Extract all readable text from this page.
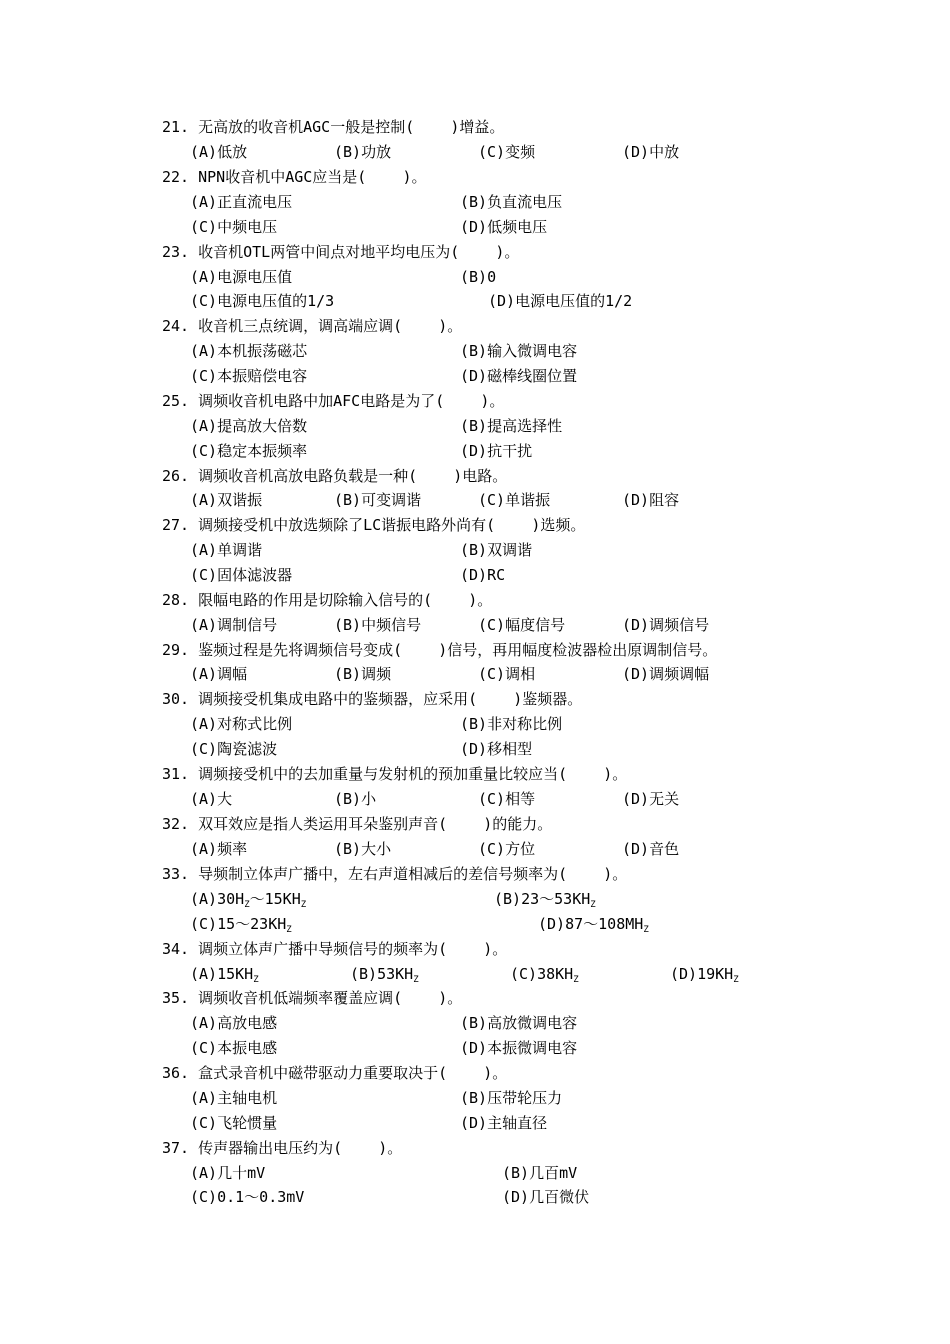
21. 无高放的收音机AGC一般是控制(    )增益。
(A)低放	(B)功放	(C)变频	(D)中放
22. NPN收音机中AGC应当是(    )。
(A)正直流电压	(B)负直流电压
(C)中频电压	(D)低频电压
23. 收音机OTL两管中间点对地平均电压为(    )。
(A)电源电压值	(B)0
(C)电源电压值的1/3	(D)电源电压值的1/2
24. 收音机三点统调，调高端应调(    )。
(A)本机振荡磁芯	(B)输入微调电容
(C)本振赔偿电容	(D)磁棒线圈位置
25. 调频收音机电路中加AFC电路是为了(    )。
(A)提高放大倍数	(B)提高选择性
(C)稳定本振频率	(D)抗干扰
26. 调频收音机高放电路负载是一种(    )电路。
(A)双谐振	(B)可变调谐	(C)单谐振	(D)阻容
27. 调频接受机中放选频除了LC谐振电路外尚有(    )选频。
(A)单调谐	(B)双调谐
(C)固体滤波器	(D)RC
28. 限幅电路的作用是切除输入信号的(    )。
(A)调制信号	(B)中频信号	(C)幅度信号	(D)调频信号
29. 鉴频过程是先将调频信号变成(    )信号，再用幅度检波器检出原调制信号。
(A)调幅	(B)调频	(C)调相	(D)调频调幅
30. 调频接受机集成电路中的鉴频器，应采用(    )鉴频器。
(A)对称式比例	(B)非对称比例
(C)陶瓷滤波	(D)移相型
31. 调频接受机中的去加重量与发射机的预加重量比较应当(    )。
(A)大	(B)小	(C)相等	(D)无关
32. 双耳效应是指人类运用耳朵鉴别声音(    )的能力。
(A)频率	(B)大小	(C)方位	(D)音色
33. 导频制立体声广播中，左右声道相减后的差信号频率为(    )。
$(A)30H_Z\sim 15KH_Z$	$(B)23\sim 53KH_Z$
$(C)15\sim 23KH_Z$	$(D)87\sim 108MH_Z$
34. 调频立体声广播中导频信号的频率为(    )。
$(A)15KH_Z$	$(B)53KH_Z$	$(C)38KH_Z$	$(D)19KH_Z$
35. 调频收音机低端频率覆盖应调(    )。
(A)高放电感	(B)高放微调电容
(C)本振电感	(D)本振微调电容
36. 盒式录音机中磁带驱动力重要取决于(    )。
(A)主轴电机	(B)压带轮压力
(C)飞轮惯量	(D)主轴直径
37. 传声器输出电压约为(    )。
(A)几十mV	(B)几百mV
(C)0.1～0.3mV	(D)几百微伏
